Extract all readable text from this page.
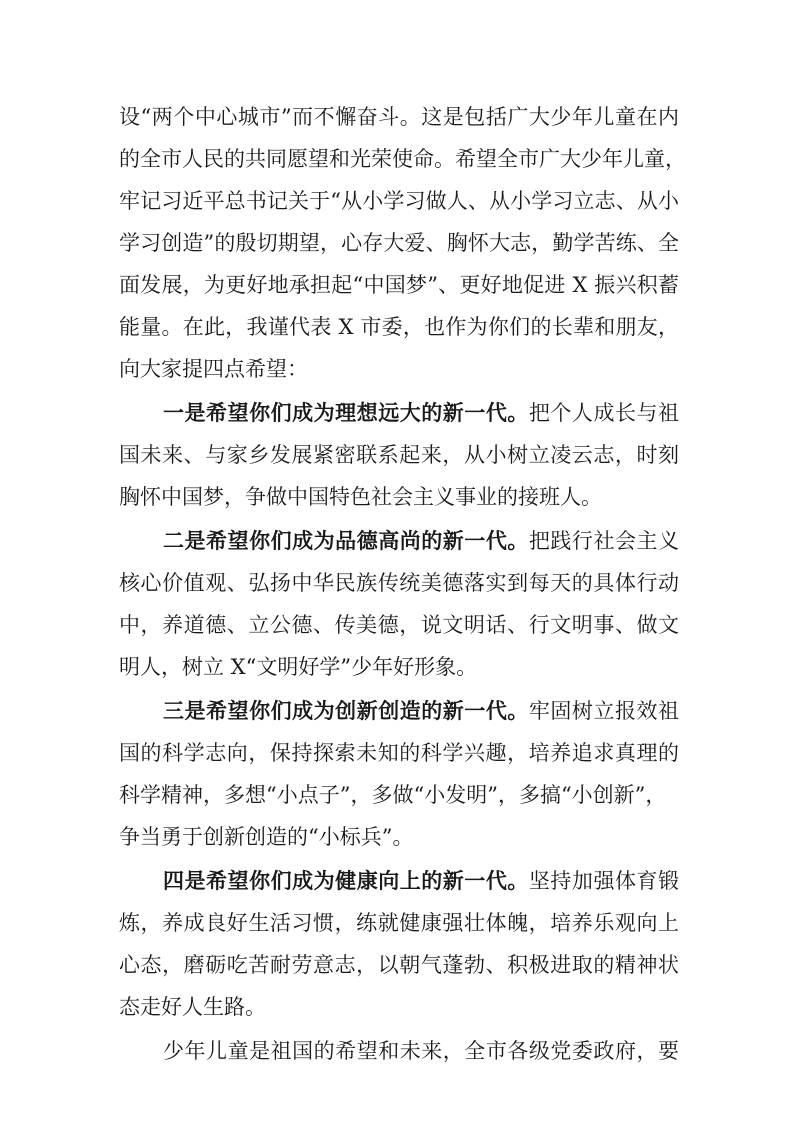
设“两个中心城市”而不懈奋斗。这是包括广大少年儿童在内
的全市人民的共同愿望和光荣使命。希望全市广大少年儿童，
牢记习近平总书记关于“从小学习做人、从小学习立志、从小
学习创造”的殷切期望，心存大爱、胸怀大志，勤学苦练、全
面发展，为更好地承担起“中国梦”、更好地促进 X 振兴积蓄
能量。在此，我谨代表 X 市委，也作为你们的长辈和朋友，
向大家提四点希望：
一是希望你们成为理想远大的新一代。把个人成长与祖
国未来、与家乡发展紧密联系起来，从小树立凌云志，时刻
胸怀中国梦，争做中国特色社会主义事业的接班人。
二是希望你们成为品德高尚的新一代。把践行社会主义
核心价值观、弘扬中华民族传统美德落实到每天的具体行动
中，养道德、立公德、传美德，说文明话、行文明事、做文
明人，树立 X“文明好学”少年好形象。
三是希望你们成为创新创造的新一代。牢固树立报效祖
国的科学志向，保持探索未知的科学兴趣，培养追求真理的
科学精神，多想“小点子”，多做“小发明”，多搞“小创新”，
争当勇于创新创造的“小标兵”。
四是希望你们成为健康向上的新一代。坚持加强体育锻
炼，养成良好生活习惯，练就健康强壮体魄，培养乐观向上
心态，磨砺吃苦耐劳意志，以朝气蓬勃、积极进取的精神状
态走好人生路。
少年儿童是祖国的希望和未来，全市各级党委政府，要
